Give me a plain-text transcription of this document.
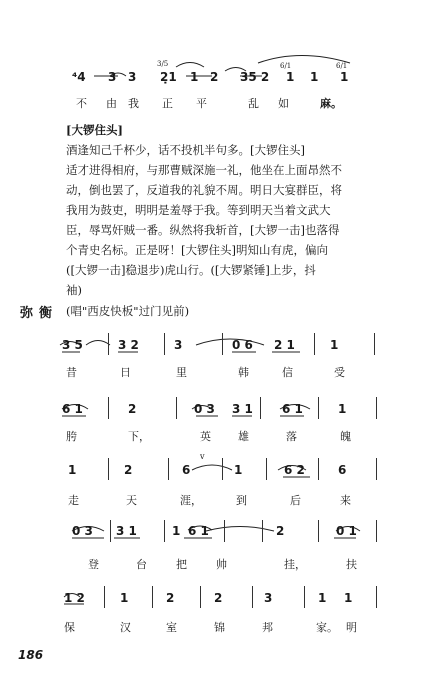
⁴4 3 3 2̣1 1 2 35 2 1 1 1
3/5	6/1	6/1
不 由 我 正 平	乱 如	麻。
[大锣住头]
酒逢知己千杯少，话不投机半句多。[大锣住头]
适才进得相府，与那曹贼深施一礼，他坐在上面昂然不
动，倒也罢了，反道我的礼貌不周。明日大宴群臣，将
我用为鼓吏，明明是羞辱于我。等到明天当着文武大
臣，辱骂奸贼一番。纵然将我斩首，[大锣一击]也落得
个青史名标。正是呀！[大锣住头]明知山有虎，偏向
([大锣一击]稳退步)虎山行。([大锣紧锤]上步，抖
袖)
弥衡 (唱"西皮快板"过门见前)
3 5	3 2	3	0 6 2 1	1
昔	日	里	韩	信	受
6 1	2	0 3 3 1 6 1	1
胯	下，	英 雄	落	魄
1	2	6	1	6 2	6
v
走	天	涯，	到	后	来
0 3 3 1	1 6 1	2	0 1
登	台	把	帅	挂，	扶
1 2	1	2	2	3	1 1
保	汉	室	锦	邦	家。 明
186
